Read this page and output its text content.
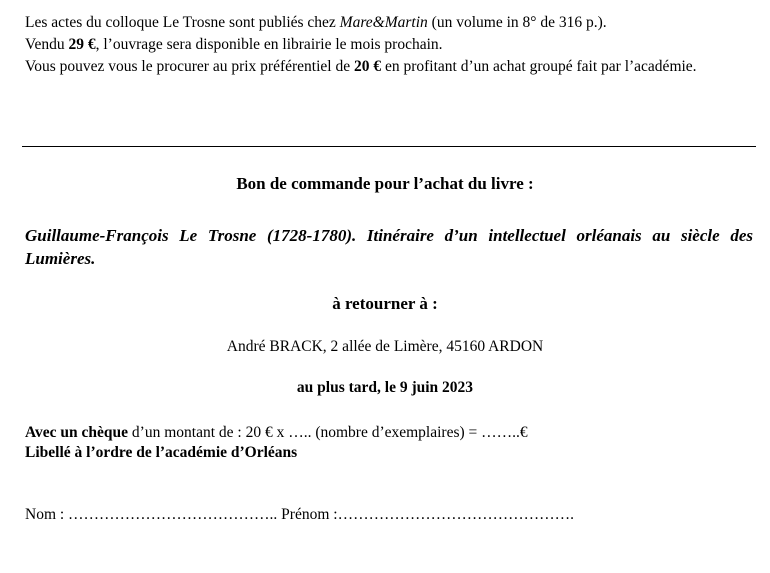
Les actes du colloque Le Trosne sont publiés chez Mare&Martin (un volume in 8° de 316 p.).

Vendu 29 €, l’ouvrage sera disponible en librairie le mois prochain.

Vous pouvez vous le procurer au prix préférentiel de 20 € en profitant d’un achat groupé fait par l’académie.

Bon de commande pour l’achat du livre :
Guillaume-François Le Trosne (1728-1780). Itinéraire d’un intellectuel orléanais au siècle des Lumières.
à retourner à :
André BRACK, 2 allée de Limère, 45160 ARDON
au plus tard, le 9 juin 2023

Avec un chèque d’un montant de : 20 € x ….. (nombre d’exemplaires) = ……..€

Libellé à l’ordre de l’académie d’Orléans

Nom : ………………………………….. Prénom :……………………………………….
